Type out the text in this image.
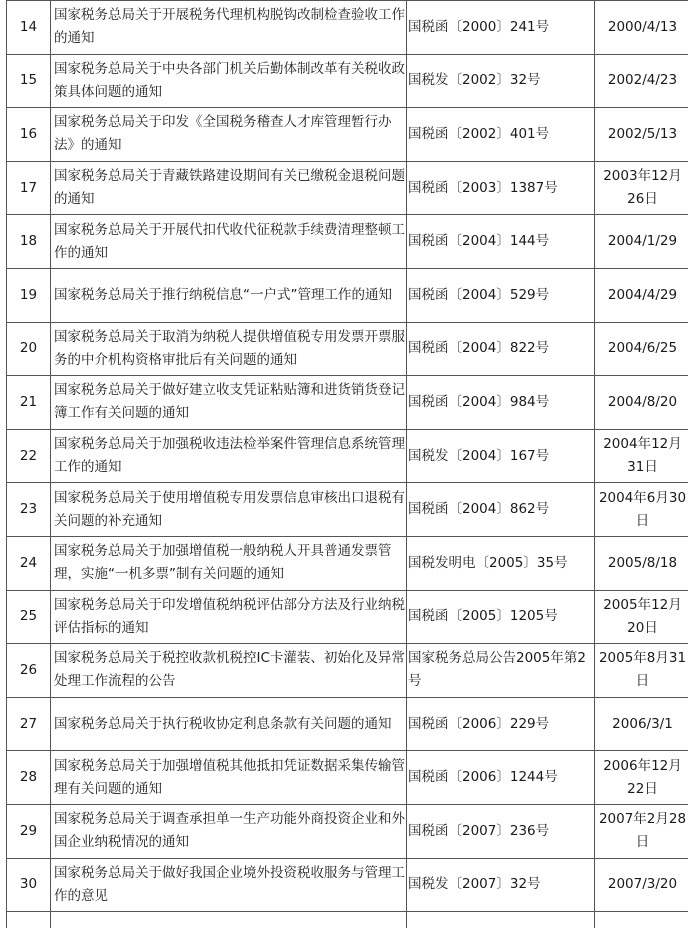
14	国家税务总局关于开展税务代理机构脱钩改制检查验收工作的通知	国税函〔2000〕241号	2000/4/13

15	国家税务总局关于中央各部门机关后勤体制改革有关税收政策具体问题的通知	国税发〔2002〕32号	2002/4/23

16	国家税务总局关于印发《全国税务稽查人才库管理暂行办法》的通知	国税函〔2002〕401号	2002/5/13

17	国家税务总局关于青藏铁路建设期间有关已缴税金退税问题的通知	国税函〔2003〕1387号	2003年12月26日

18	国家税务总局关于开展代扣代收代征税款手续费清理整顿工作的通知	国税函〔2004〕144号	2004/1/29

19	国家税务总局关于推行纳税信息“一户式”管理工作的通知	国税函〔2004〕529号	2004/4/29

20	国家税务总局关于取消为纳税人提供增值税专用发票开票服务的中介机构资格审批后有关问题的通知	国税函〔2004〕822号	2004/6/25

21	国家税务总局关于做好建立收支凭证粘贴簿和进货销货登记簿工作有关问题的通知	国税函〔2004〕984号	2004/8/20

22	国家税务总局关于加强税收违法检举案件管理信息系统管理工作的通知	国税发〔2004〕167号	2004年12月31日

23	国家税务总局关于使用增值税专用发票信息审核出口退税有关问题的补充通知	国税函〔2004〕862号	2004年6月30日

24	国家税务总局关于加强增值税一般纳税人开具普通发票管理，实施“一机多票”制有关问题的通知	国税发明电〔2005〕35号	2005/8/18

25	国家税务总局关于印发增值税纳税评估部分方法及行业纳税评估指标的通知	国税函〔2005〕1205号	2005年12月20日

26	国家税务总局关于税控收款机税控IC卡灌装、初始化及异常处理工作流程的公告	国家税务总局公告2005年第2号	2005年8月31日

27	国家税务总局关于执行税收协定利息条款有关问题的通知	国税函〔2006〕229号	2006/3/1

28	国家税务总局关于加强增值税其他抵扣凭证数据采集传输管理有关问题的通知	国税函〔2006〕1244号	2006年12月22日

29	国家税务总局关于调查承担单一生产功能外商投资企业和外国企业纳税情况的通知	国税函〔2007〕236号	2007年2月28日

30	国家税务总局关于做好我国企业境外投资税收服务与管理工作的意见	国税发〔2007〕32号	2007/3/20
